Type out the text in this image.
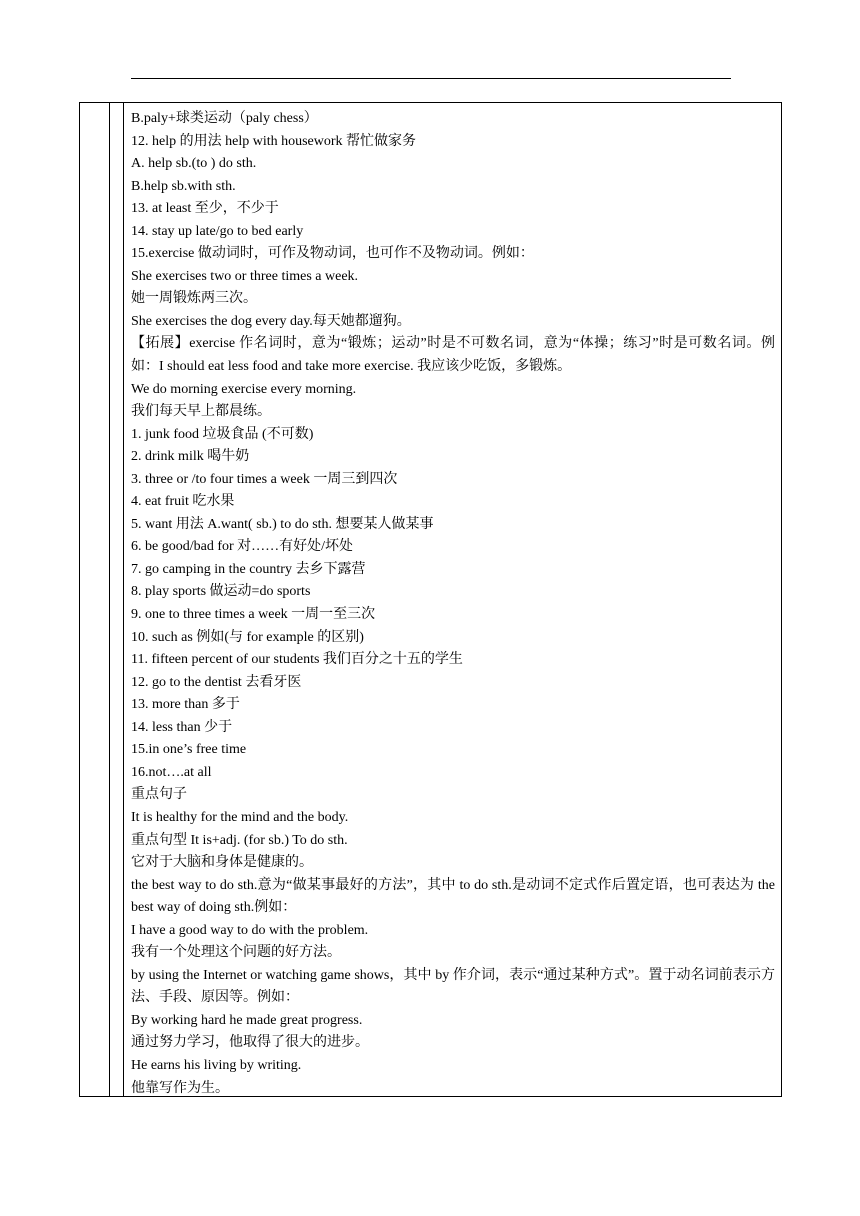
B.paly+球类运动（paly chess）
12. help 的用法 help with housework 帮忙做家务
A. help sb.(to ) do sth.
B.help sb.with sth.
13. at least 至少，不少于
14. stay up late/go to bed early
15.exercise 做动词时，可作及物动词，也可作不及物动词。例如：
She exercises two or three times a week.
她一周锻炼两三次。
She exercises the dog every day.每天她都遛狗。
【拓展】exercise 作名词时，意为“锻炼；运动”时是不可数名词，意为“体操；练习”时是可数名词。例如：I should eat less food and take more exercise. 我应该少吃饭，多锻炼。
We do morning exercise every morning.
我们每天早上都晨练。
1. junk food 垃圾食品 (不可数)
2. drink milk 喝牛奶
3. three or /to four times a week 一周三到四次
4. eat fruit 吃水果
5. want 用法 A.want( sb.) to do sth. 想要某人做某事
6. be good/bad for 对……有好处/坏处
7. go camping in the country 去乡下露营
8. play sports 做运动=do sports
9. one to three times a week 一周一至三次
10. such as 例如(与 for example 的区别)
11. fifteen percent of our students 我们百分之十五的学生
12. go to the dentist 去看牙医
13. more than 多于
14. less than 少于
15.in one’s free time
16.not….at all
重点句子
It is healthy for the mind and the body.
重点句型 It is+adj. (for sb.) To do sth.
它对于大脑和身体是健康的。
the best way to do sth.意为“做某事最好的方法”，其中 to do sth.是动词不定式作后置定语，也可表达为 the best way of doing sth.例如：
I have a good way to do with the problem.
我有一个处理这个问题的好方法。
by using the Internet or watching game shows，其中 by 作介词，表示“通过某种方式”。置于动名词前表示方法、手段、原因等。例如：
By working hard he made great progress.
通过努力学习，他取得了很大的进步。
He earns his living by writing.
他靠写作为生。
